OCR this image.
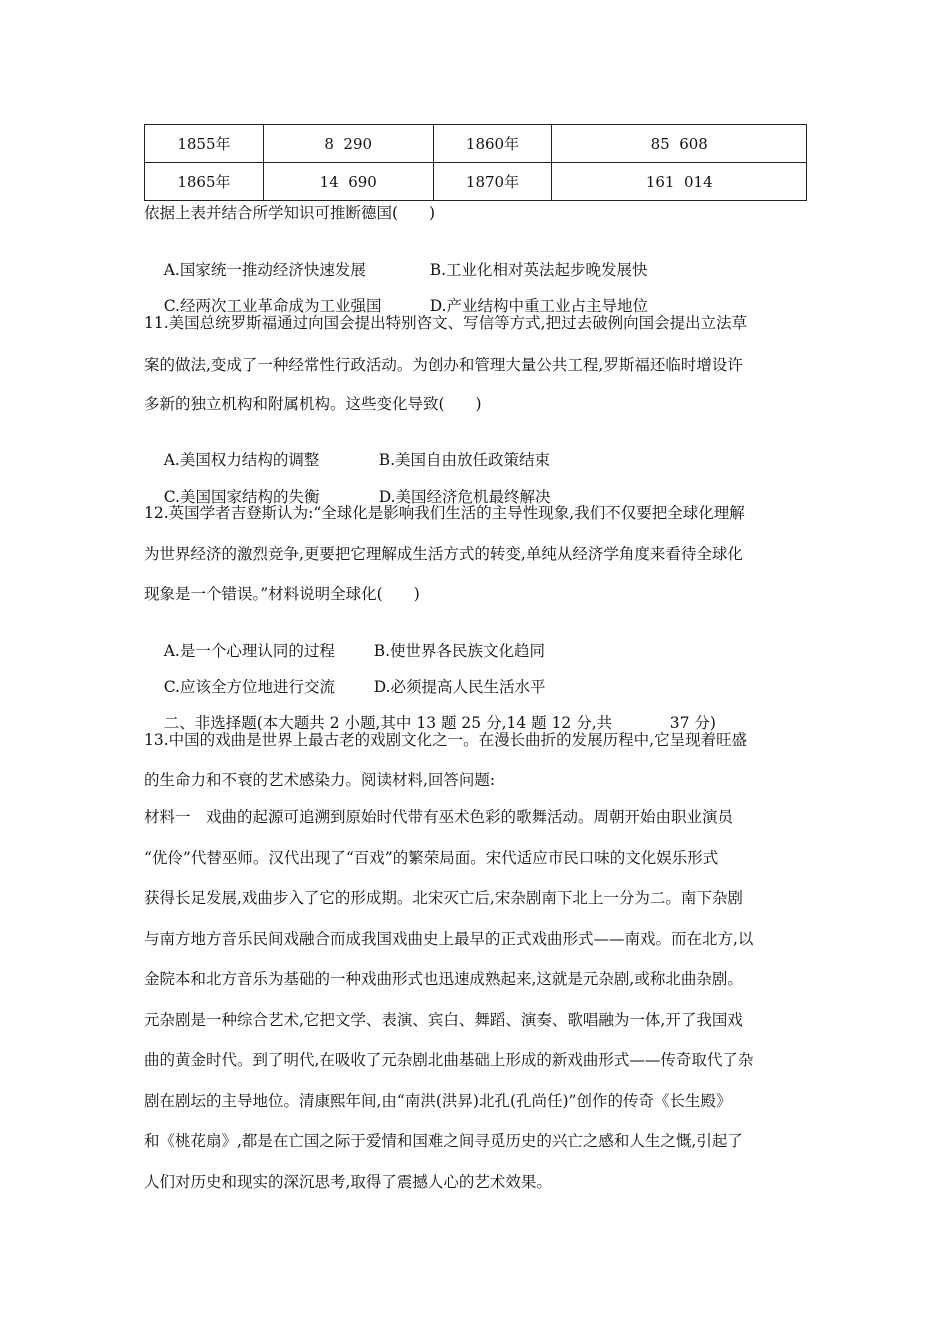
1855年	8  290	1860年	85  608
1865年	14  690	1870年	161  014
依据上表并结合所学知识可推断德国(　　)

A.国家统一推动经济快速发展	B.工业化相对英法起步晚发展快

C.经两次工业革命成为工业强国	D.产业结构中重工业占主导地位

11.美国总统罗斯福通过向国会提出特别咨文、写信等方式,把过去破例向国会提出立法草
案的做法,变成了一种经常性行政活动。为创办和管理大量公共工程,罗斯福还临时增设许
多新的独立机构和附属机构。这些变化导致(　　)

A.美国权力结构的调整	B.美国自由放任政策结束

C.美国国家结构的失衡	D.美国经济危机最终解决

12.英国学者吉登斯认为:“全球化是影响我们生活的主导性现象,我们不仅要把全球化理解
为世界经济的激烈竞争,更要把它理解成生活方式的转变,单纯从经济学角度来看待全球化
现象是一个错误。”材料说明全球化(　　)

A.是一个心理认同的过程	B.使世界各民族文化趋同

C.应该全方位地进行交流	D.必须提高人民生活水平

二、非选择题(本大题共 2 小题,其中 13 题 25 分,14 题 12 分,共	37 分)

13.中国的戏曲是世界上最古老的戏剧文化之一。在漫长曲折的发展历程中,它呈现着旺盛
的生命力和不衰的艺术感染力。阅读材料,回答问题:
材料一　戏曲的起源可追溯到原始时代带有巫术色彩的歌舞活动。周朝开始由职业演员
“优伶”代替巫师。汉代出现了“百戏”的繁荣局面。宋代适应市民口味的文化娱乐形式
获得长足发展,戏曲步入了它的形成期。北宋灭亡后,宋杂剧南下北上一分为二。南下杂剧
与南方地方音乐民间戏融合而成我国戏曲史上最早的正式戏曲形式——南戏。而在北方,以
金院本和北方音乐为基础的一种戏曲形式也迅速成熟起来,这就是元杂剧,或称北曲杂剧。
元杂剧是一种综合艺术,它把文学、表演、宾白、舞蹈、演奏、歌唱融为一体,开了我国戏
曲的黄金时代。到了明代,在吸收了元杂剧北曲基础上形成的新戏曲形式——传奇取代了杂
剧在剧坛的主导地位。清康熙年间,由“南洪(洪昇)北孔(孔尚任)”创作的传奇《长生殿》
和《桃花扇》,都是在亡国之际于爱情和国难之间寻觅历史的兴亡之感和人生之慨,引起了
人们对历史和现实的深沉思考,取得了震撼人心的艺术效果。
